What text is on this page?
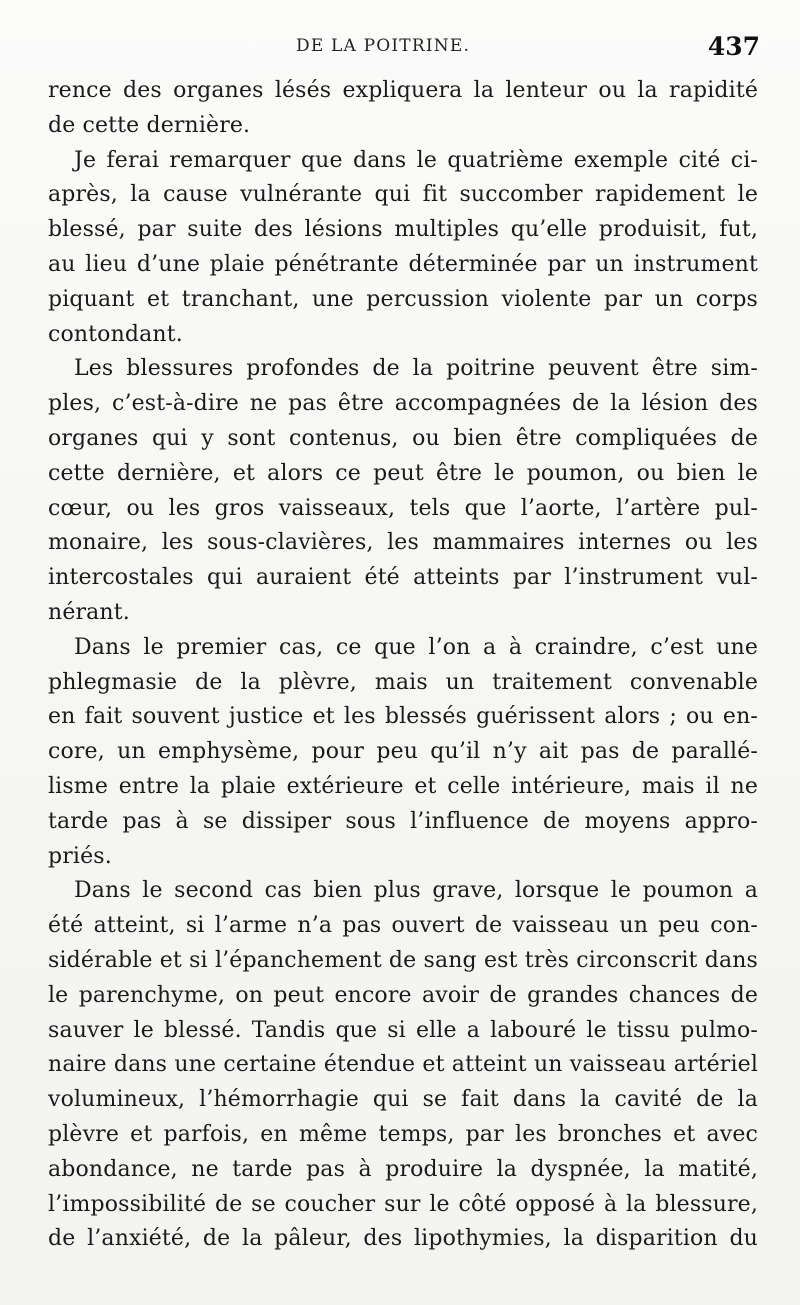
DE LA POITRINE.	437
rence des organes lésés expliquera la lenteur ou la rapidité
de cette dernière.
Je ferai remarquer que dans le quatrième exemple cité ci-
après, la cause vulnérante qui fit succomber rapidement le
blessé, par suite des lésions multiples qu’elle produisit, fut,
au lieu d’une plaie pénétrante déterminée par un instrument
piquant et tranchant, une percussion violente par un corps
contondant.
Les blessures profondes de la poitrine peuvent être sim-
ples, c’est-à-dire ne pas être accompagnées de la lésion des
organes qui y sont contenus, ou bien être compliquées de
cette dernière, et alors ce peut être le poumon, ou bien le
cœur, ou les gros vaisseaux, tels que l’aorte, l’artère pul-
monaire, les sous-clavières, les mammaires internes ou les
intercostales qui auraient été atteints par l’instrument vul-
nérant.
Dans le premier cas, ce que l’on a à craindre, c’est une
phlegmasie de la plèvre, mais un traitement convenable
en fait souvent justice et les blessés guérissent alors ; ou en-
core, un emphysème, pour peu qu’il n’y ait pas de parallé-
lisme entre la plaie extérieure et celle intérieure, mais il ne
tarde pas à se dissiper sous l’influence de moyens appro-
priés.
Dans le second cas bien plus grave, lorsque le poumon a
été atteint, si l’arme n’a pas ouvert de vaisseau un peu con-
sidérable et si l’épanchement de sang est très circonscrit dans
le parenchyme, on peut encore avoir de grandes chances de
sauver le blessé. Tandis que si elle a labouré le tissu pulmo-
naire dans une certaine étendue et atteint un vaisseau artériel
volumineux, l’hémorrhagie qui se fait dans la cavité de la
plèvre et parfois, en même temps, par les bronches et avec
abondance, ne tarde pas à produire la dyspnée, la matité,
l’impossibilité de se coucher sur le côté opposé à la blessure,
de l’anxiété, de la pâleur, des lipothymies, la disparition du
